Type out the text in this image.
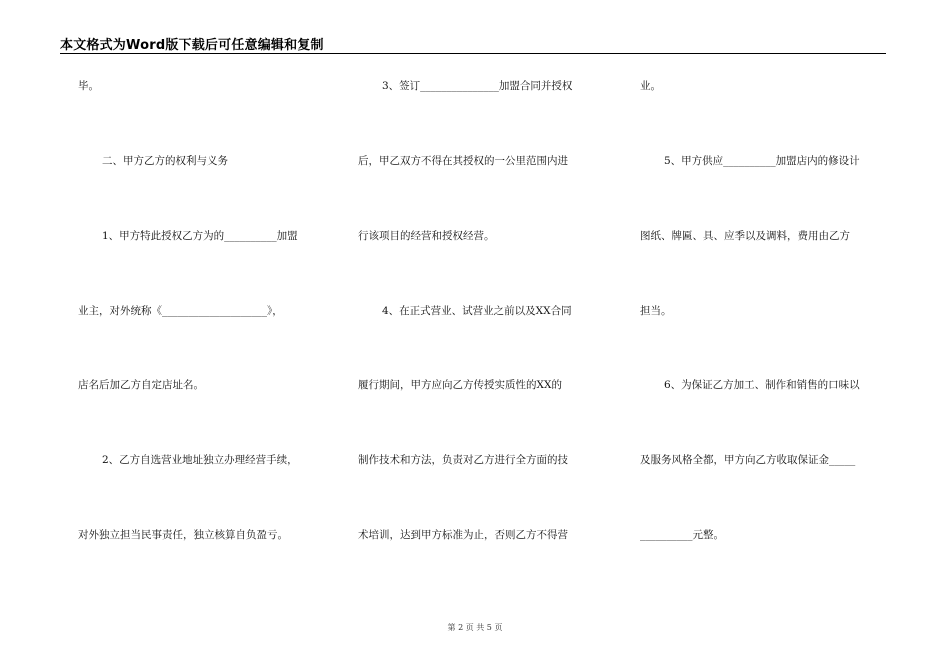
本文格式为Word版下载后可任意编辑和复制
毕。
二、甲方乙方的权利与义务
1、甲方特此授权乙方为的__________加盟
业主，对外统称《____________________》，
店名后加乙方自定店址名。
2、乙方自选营业地址独立办理经营手续，
对外独立担当民事责任，独立核算自负盈亏。
3、签订_______________加盟合同并授权
后，甲乙双方不得在其授权的一公里范围内进
行该项目的经营和授权经营。
4、在正式营业、试营业之前以及XX合同
履行期间，甲方应向乙方传授实质性的XX的
制作技术和方法，负责对乙方进行全方面的技
术培训，达到甲方标准为止，否则乙方不得营
业。
5、甲方供应__________加盟店内的修设计
图纸、牌匾、具、应季以及调料，费用由乙方
担当。
6、为保证乙方加工、制作和销售的口味以
及服务风格全都，甲方向乙方收取保证金_____
__________元整。
第 2 页 共 5 页
